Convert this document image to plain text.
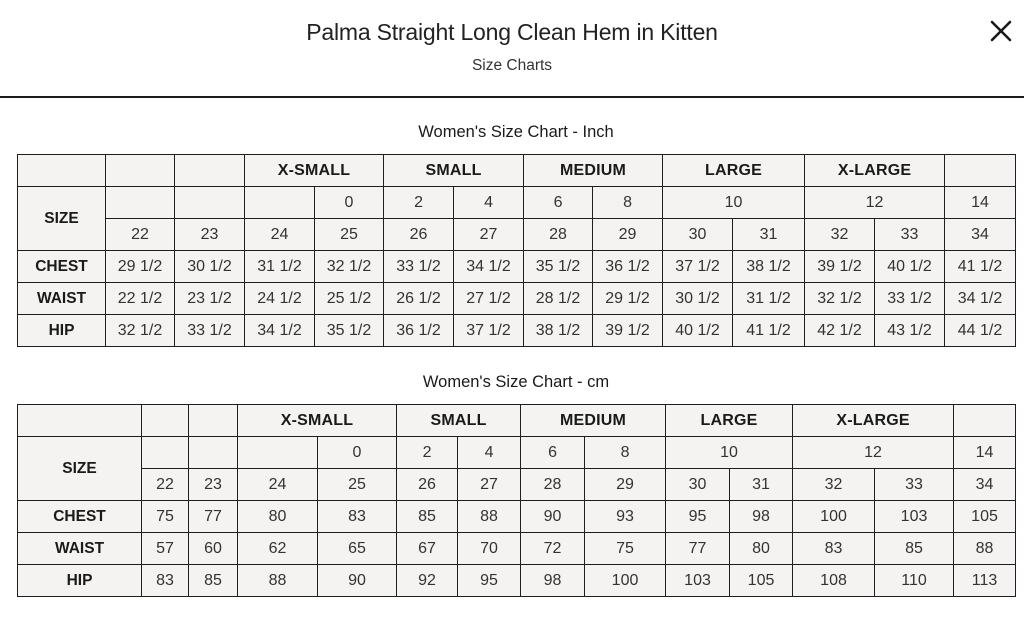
Palma Straight Long Clean Hem in Kitten
Size Charts
Women's Size Chart - Inch
			X-SMALL		SMALL		MEDIUM		LARGE		X-LARGE		
SIZE				0	2	4	6	8	10		12		14
	22	23	24	25	26	27	28	29	30	31	32	33	34
CHEST	29 1/2	30 1/2	31 1/2	32 1/2	33 1/2	34 1/2	35 1/2	36 1/2	37 1/2	38 1/2	39 1/2	40 1/2	41 1/2
WAIST	22 1/2	23 1/2	24 1/2	25 1/2	26 1/2	27 1/2	28 1/2	29 1/2	30 1/2	31 1/2	32 1/2	33 1/2	34 1/2
HIP	32 1/2	33 1/2	34 1/2	35 1/2	36 1/2	37 1/2	38 1/2	39 1/2	40 1/2	41 1/2	42 1/2	43 1/2	44 1/2
Women's Size Chart - cm
			X-SMALL		SMALL		MEDIUM		LARGE		X-LARGE		
SIZE				0	2	4	6	8	10		12		14
	22	23	24	25	26	27	28	29	30	31	32	33	34
CHEST	75	77	80	83	85	88	90	93	95	98	100	103	105
WAIST	57	60	62	65	67	70	72	75	77	80	83	85	88
HIP	83	85	88	90	92	95	98	100	103	105	108	110	113
